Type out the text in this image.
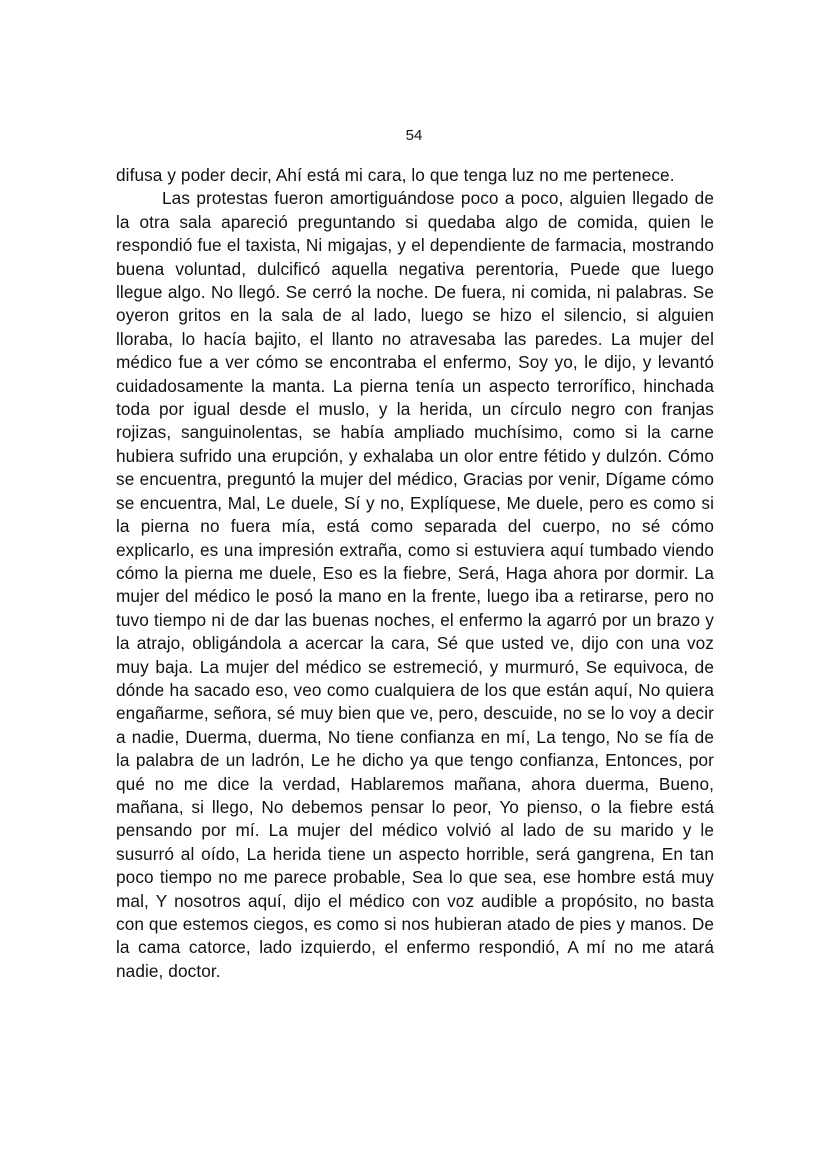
54

difusa y poder decir, Ahí está mi cara, lo que tenga luz no me pertenece.

Las protestas fueron amortiguándose poco a poco, alguien llegado de la otra sala apareció preguntando si quedaba algo de comida, quien le respondió fue el taxista, Ni migajas, y el dependiente de farmacia, mostrando buena voluntad, dulcificó aquella negativa perentoria, Puede que luego llegue algo. No llegó. Se cerró la noche. De fuera, ni comida, ni palabras. Se oyeron gritos en la sala de al lado, luego se hizo el silencio, si alguien lloraba, lo hacía bajito, el llanto no atravesaba las paredes. La mujer del médico fue a ver cómo se encontraba el enfermo, Soy yo, le dijo, y levantó cuidadosamente la manta. La pierna tenía un aspecto terrorífico, hinchada toda por igual desde el muslo, y la herida, un círculo negro con franjas rojizas, sanguinolentas, se había ampliado muchísimo, como si la carne hubiera sufrido una erupción, y exhalaba un olor entre fétido y dulzón. Cómo se encuentra, preguntó la mujer del médico, Gracias por venir, Dígame cómo se encuentra, Mal, Le duele, Sí y no, Explíquese, Me duele, pero es como si la pierna no fuera mía, está como separada del cuerpo, no sé cómo explicarlo, es una impresión extraña, como si estuviera aquí tumbado viendo cómo la pierna me duele, Eso es la fiebre, Será, Haga ahora por dormir. La mujer del médico le posó la mano en la frente, luego iba a retirarse, pero no tuvo tiempo ni de dar las buenas noches, el enfermo la agarró por un brazo y la atrajo, obligándola a acercar la cara, Sé que usted ve, dijo con una voz muy baja. La mujer del médico se estremeció, y murmuró, Se equivoca, de dónde ha sacado eso, veo como cualquiera de los que están aquí, No quiera engañarme, señora, sé muy bien que ve, pero, descuide, no se lo voy a decir a nadie, Duerma, duerma, No tiene confianza en mí, La tengo, No se fía de la palabra de un ladrón, Le he dicho ya que tengo confianza, Entonces, por qué no me dice la verdad, Hablaremos mañana, ahora duerma, Bueno, mañana, si llego, No debemos pensar lo peor, Yo pienso, o la fiebre está pensando por mí. La mujer del médico volvió al lado de su marido y le susurró al oído, La herida tiene un aspecto horrible, será gangrena, En tan poco tiempo no me parece probable, Sea lo que sea, ese hombre está muy mal, Y nosotros aquí, dijo el médico con voz audible a propósito, no basta con que estemos ciegos, es como si nos hubieran atado de pies y manos. De la cama catorce, lado izquierdo, el enfermo respondió, A mí no me atará nadie, doctor.
